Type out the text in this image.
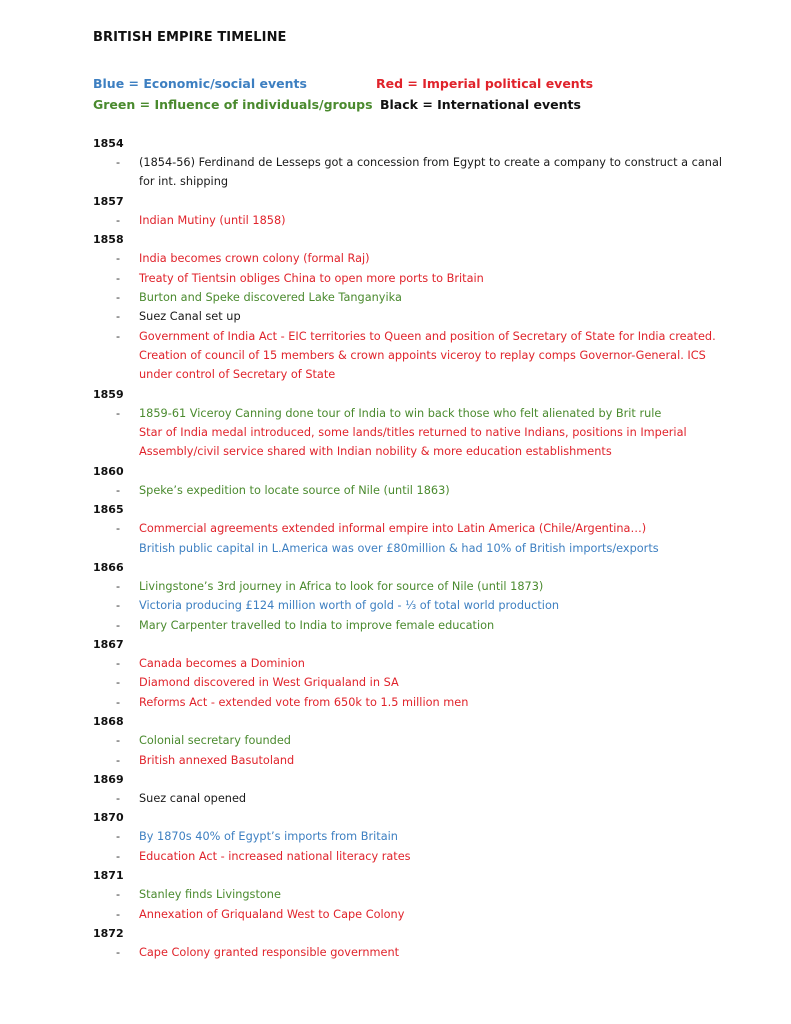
BRITISH EMPIRE TIMELINE
Blue = Economic/social events	Red = Imperial political events
Green = Influence of individuals/groups Black = International events
1854
- (1854-56) Ferdinand de Lesseps got a concession from Egypt to create a company to construct a canal for int. shipping
1857
- Indian Mutiny (until 1858)
1858
- India becomes crown colony (formal Raj)
- Treaty of Tientsin obliges China to open more ports to Britain
- Burton and Speke discovered Lake Tanganyika
- Suez Canal set up
- Government of India Act - EIC territories to Queen and position of Secretary of State for India created. Creation of council of 15 members & crown appoints viceroy to replay comps Governor-General. ICS under control of Secretary of State
1859
- 1859-61 Viceroy Canning done tour of India to win back those who felt alienated by Brit rule
Star of India medal introduced, some lands/titles returned to native Indians, positions in Imperial Assembly/civil service shared with Indian nobility & more education establishments
1860
- Speke’s expedition to locate source of Nile (until 1863)
1865
- Commercial agreements extended informal empire into Latin America (Chile/Argentina…)
British public capital in L.America was over £80million & had 10% of British imports/exports
1866
- Livingstone’s 3rd journey in Africa to look for source of Nile (until 1873)
- Victoria producing £124 million worth of gold - ⅓ of total world production
- Mary Carpenter travelled to India to improve female education
1867
- Canada becomes a Dominion
- Diamond discovered in West Griqualand in SA
- Reforms Act - extended vote from 650k to 1.5 million men
1868
- Colonial secretary founded
- British annexed Basutoland
1869
- Suez canal opened
1870
- By 1870s 40% of Egypt’s imports from Britain
- Education Act - increased national literacy rates
1871
- Stanley finds Livingstone
- Annexation of Griqualand West to Cape Colony
1872
- Cape Colony granted responsible government
